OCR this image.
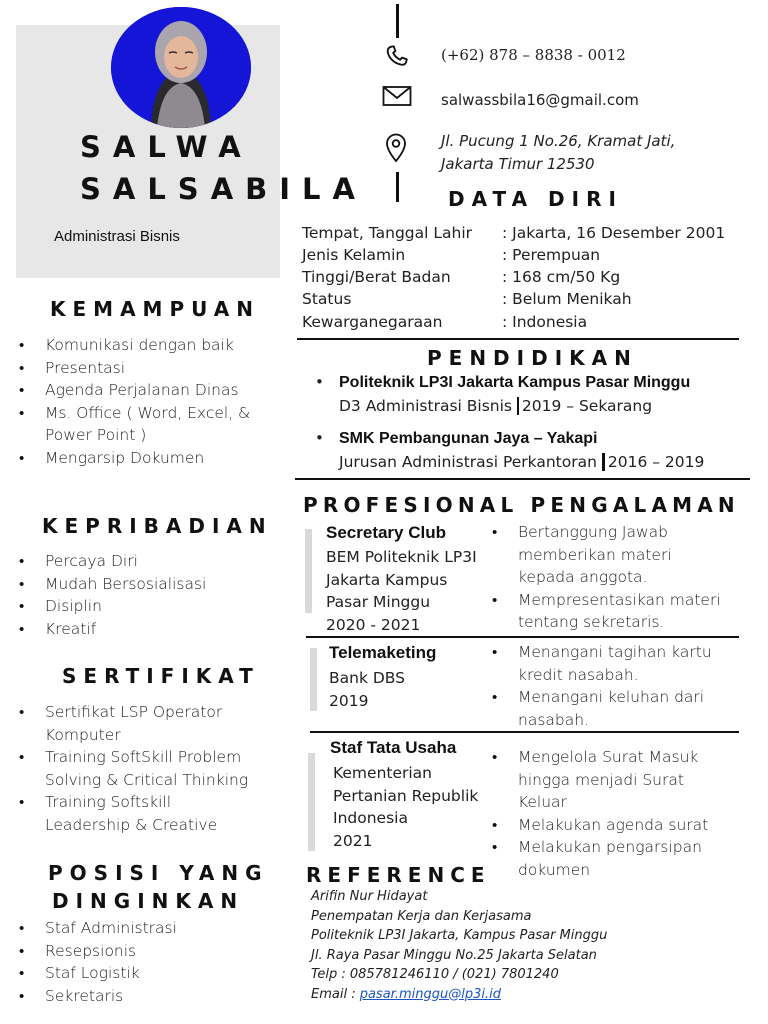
SALWA
SALSABILA
Administrasi Bisnis
KEMAMPUAN
• Komunikasi dengan baik
• Presentasi
• Agenda Perjalanan Dinas
• Ms. Office ( Word, Excel, &
Power Point )
• Mengarsip Dokumen
KEPRIBADIAN
• Percaya Diri
• Mudah Bersosialisasi
• Disiplin
• Kreatif
SERTIFIKAT
• Sertifikat LSP Operator
Komputer
• Training SoftSkill Problem
Solving & Critical Thinking
• Training Softskill
Leadership & Creative
POSISI YANG
DINGINKAN
• Staf Administrasi
• Resepsionis
• Staf Logistik
• Sekretaris
(+62) 878 – 8838 - 0012
salwassbila16@gmail.com
Jl. Pucung 1 No.26, Kramat Jati,
Jakarta Timur 12530
DATA DIRI
Tempat, Tanggal Lahir : Jakarta, 16 Desember 2001
Jenis Kelamin	: Perempuan
Tinggi/Berat Badan	: 168 cm/50 Kg
Status	: Belum Menikah
Kewarganegaraan	: Indonesia
PENDIDIKAN
• Politeknik LP3I Jakarta Kampus Pasar Minggu
D3 Administrasi Bisnis 2019 – Sekarang
• SMK Pembangunan Jaya – Yakapi
Jurusan Administrasi Perkantoran 2016 – 2019
PROFESIONAL PENGALAMAN
Secretary Club
BEM Politeknik LP3I
Jakarta Kampus
Pasar Minggu
2020 - 2021
• Bertanggung Jawab
memberikan materi
kepada anggota.
• Mempresentasikan materi
tentang sekretaris.
Telemaketing
Bank DBS
2019
• Menangani tagihan kartu
kredit nasabah.
• Menangani keluhan dari
nasabah.
Staf Tata Usaha
Kementerian
Pertanian Republik
Indonesia
2021
• Mengelola Surat Masuk
hingga menjadi Surat
Keluar
• Melakukan agenda surat
• Melakukan pengarsipan
dokumen
REFERENCE
Arifin Nur Hidayat
Penempatan Kerja dan Kerjasama
Politeknik LP3I Jakarta, Kampus Pasar Minggu
Jl. Raya Pasar Minggu No.25 Jakarta Selatan
Telp : 085781246110 / (021) 7801240
Email : pasar.minggu@lp3i.id
